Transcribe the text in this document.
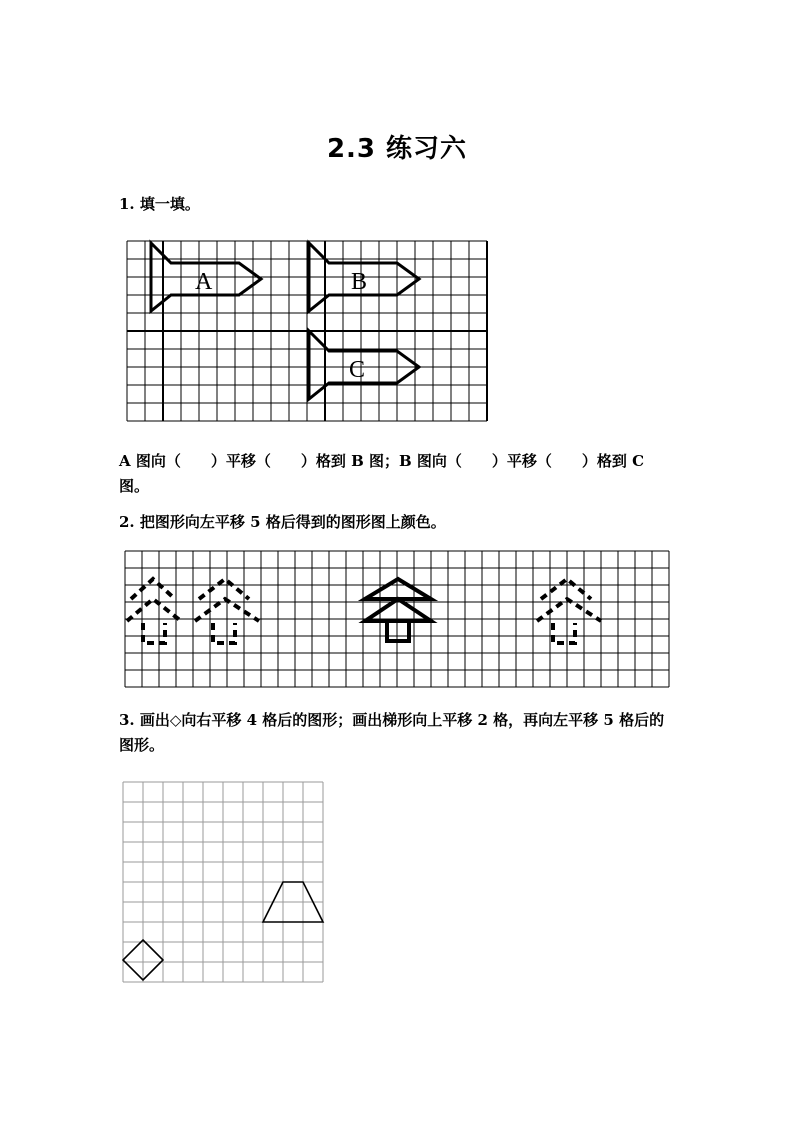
2.3 练习六
1. 填一填。
A	B
C
A 图向（　　）平移（　　）格到 B 图；B 图向（　　）平移（　　）格到 C 图。
2. 把图形向左平移 5 格后得到的图形图上颜色。
3. 画出◇向右平移 4 格后的图形；画出梯形向上平移 2 格，再向左平移 5 格后的图形。
